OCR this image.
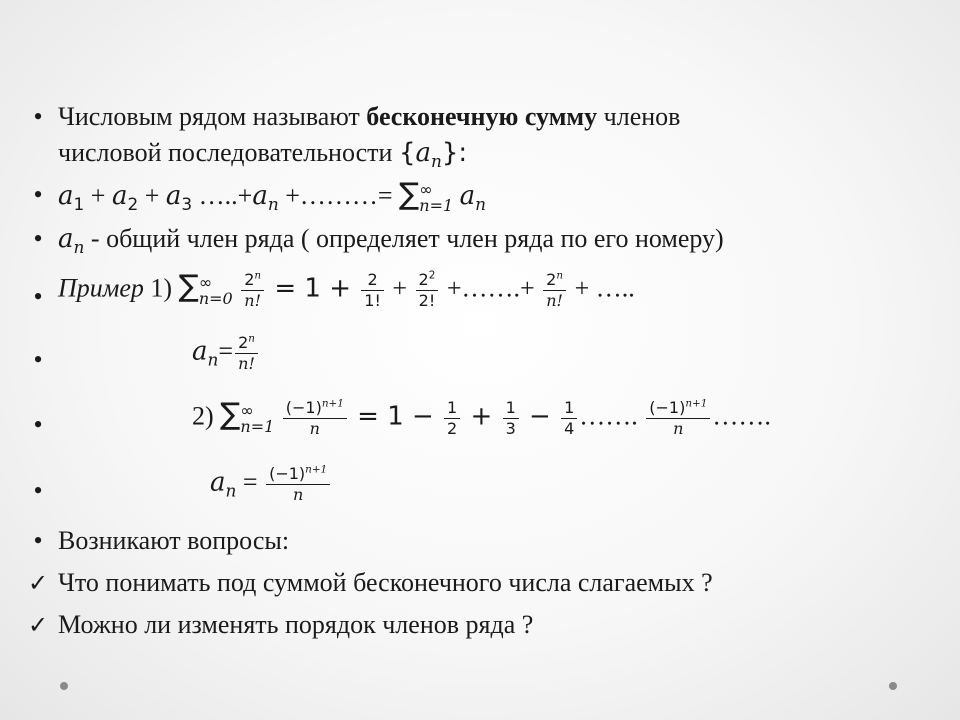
• Числовым рядом называют бесконечную сумму членов
числовой последовательности $\{a_n\}$:
• $a_1 + a_2 + a_3$ $\dots..+a_n$ +………= ∑ ∞
n=1 $a_n$
• $a_n$ - общий член ряда ( определяет член ряда по его номеру)
• Пример 1) ∑ ∞
n=0
$\frac{2^n}{n!} = 1 + \frac{2}{1!} + \frac{2^2}{2!}$ +…….+ $\frac{2^n}{n!}$ + …..
•	$a_n= \frac{2^n}{n!}$
•	2) ∑ ∞
n=1
$\frac{(-1)^{n+1}}{n} = 1 - \frac{1}{2} + \frac{1}{3} - \frac{1}{4}$ ……. $\frac{(-1)^{n+1}}{n}$ …….
•	$a_n = \frac{(-1)^{n+1}}{n}$
• Возникают вопросы:
✓ Что понимать под суммой бесконечного числа слагаемых ?
✓ Можно ли изменять порядок членов ряда ?
